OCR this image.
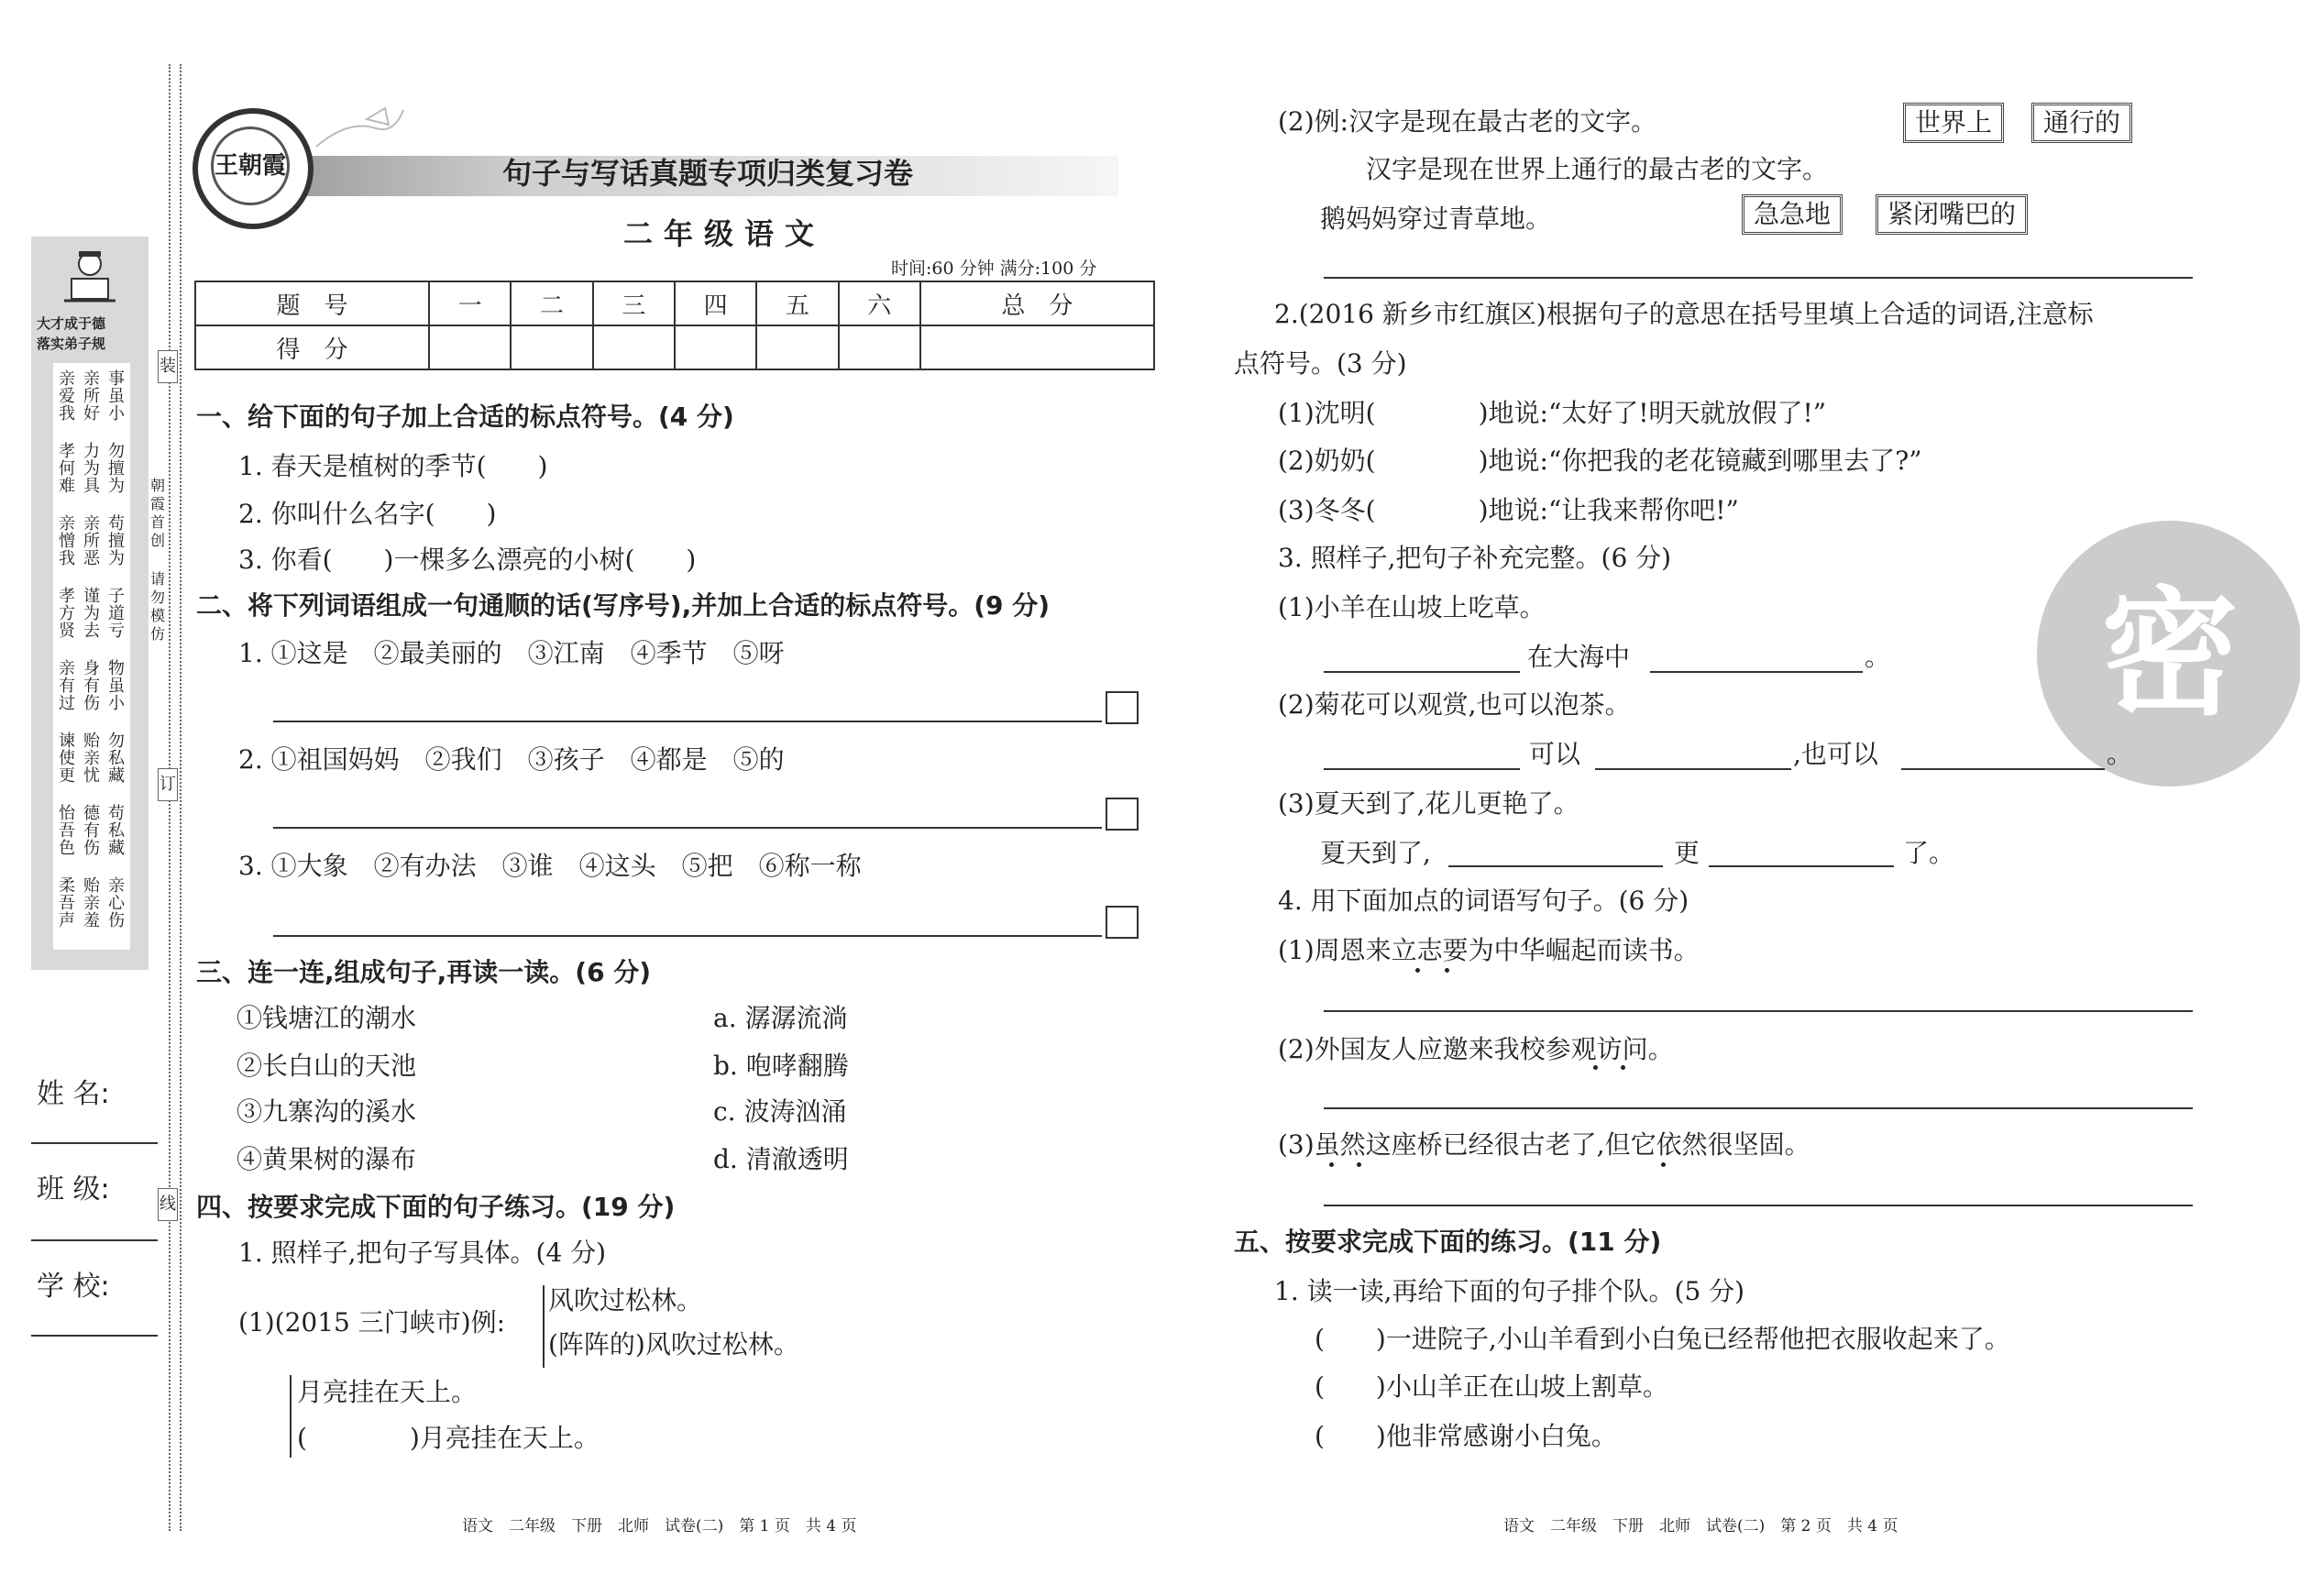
大才成于德
落实弟子规
亲爱我
亲所好
事虽小
孝何难
力为具
勿擅为
亲憎我
亲所恶
苟擅为
孝方贤
谨为去
子道亏
亲有过
身有伤
物虽小
谏使更
贻亲忧
勿私藏
怡吾色
德有伤
苟私藏
柔吾声
贻亲羞
亲心伤
装
订
线
朝霞首创
请勿模仿
姓 名:
班 级:
学 校:
王朝霞	句子与写话真题专项归类复习卷
二年级语文
时间:60 分钟 满分:100 分
题　号	一	二	三	四	五	六	总　分
得　分							
一、给下面的句子加上合适的标点符号。(4 分)
1. 春天是植树的季节(　　)
2. 你叫什么名字(　　)
3. 你看(　　)一棵多么漂亮的小树(　　)
二、将下列词语组成一句通顺的话(写序号),并加上合适的标点符号。(9 分)
1. ①这是　②最美丽的　③江南　④季节　⑤呀
2. ①祖国妈妈　②我们　③孩子　④都是　⑤的
3. ①大象　②有办法　③谁　④这头　⑤把　⑥称一称
三、连一连,组成句子,再读一读。(6 分)
①钱塘江的潮水
②长白山的天池
③九寨沟的溪水
④黄果树的瀑布
a. 潺潺流淌
b. 咆哮翻腾
c. 波涛汹涌
d. 清澈透明
四、按要求完成下面的句子练习。(19 分)
1. 照样子,把句子写具体。(4 分)
(1)(2015 三门峡市)例:
风吹过松林。
(阵阵的)风吹过松林。
月亮挂在天上。
(　　　　)月亮挂在天上。
语文　二年级　下册　北师　试卷(二)　第 1 页　共 4 页
密
(2)例:汉字是现在最古老的文字。	世界上	通行的
汉字是现在世界上通行的最古老的文字。
鹅妈妈穿过青草地。	急急地	紧闭嘴巴的
2.(2016 新乡市红旗区)根据句子的意思在括号里填上合适的词语,注意标
点符号。(3 分)
(1)沈明(　　　　)地说:“太好了!明天就放假了!”
(2)奶奶(　　　　)地说:“你把我的老花镜藏到哪里去了?”
(3)冬冬(　　　　)地说:“让我来帮你吧!”
3. 照样子,把句子补充完整。(6 分)
(1)小羊在山坡上吃草。
在大海中	。
(2)菊花可以观赏,也可以泡茶。
可以	,也可以	。
(3)夏天到了,花儿更艳了。
夏天到了,	更	了。
4. 用下面加点的词语写句子。(6 分)
(1)周恩来立志要为中华崛起而读书。
(2)外国友人应邀来我校参观访问。
(3)虽然这座桥已经很古老了,但它依然很坚固。
五、按要求完成下面的练习。(11 分)
1. 读一读,再给下面的句子排个队。(5 分)
(　　)一进院子,小山羊看到小白兔已经帮他把衣服收起来了。
(　　)小山羊正在山坡上割草。
(　　)他非常感谢小白兔。
语文　二年级　下册　北师　试卷(二)　第 2 页　共 4 页
